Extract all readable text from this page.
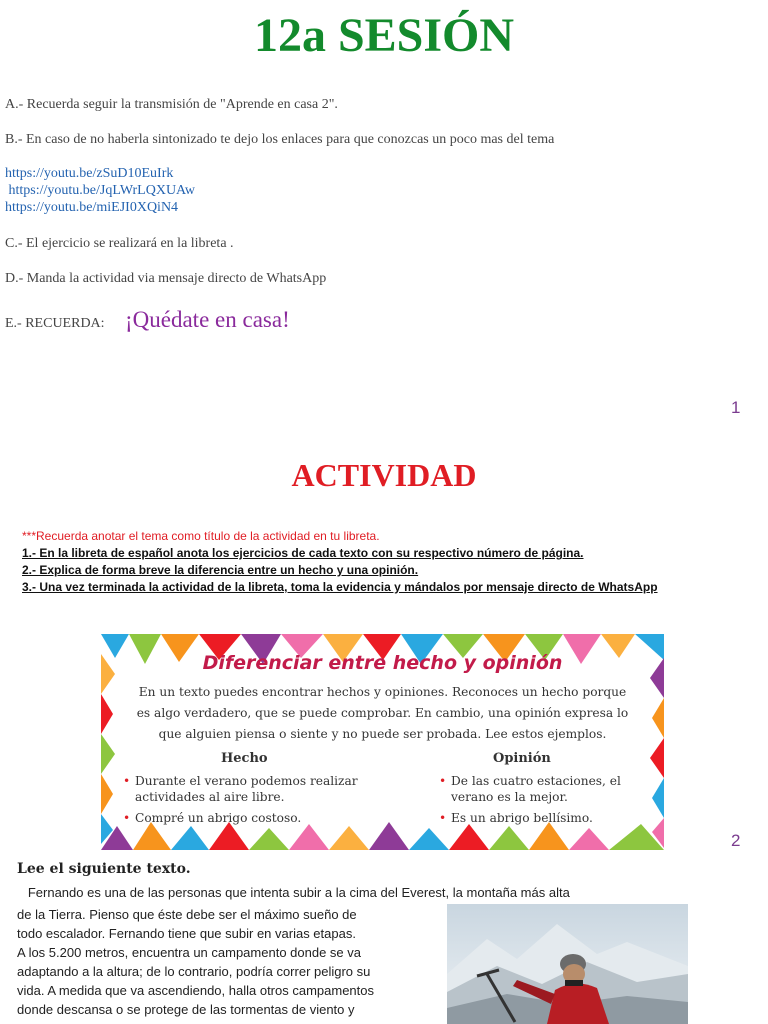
12a SESIÓN
A.- Recuerda seguir la transmisión de "Aprende en casa 2".
B.- En caso de no haberla sintonizado te dejo los enlaces para que conozcas un poco mas del tema
https://youtu.be/zSuD10EuIrk
https://youtu.be/JqLWrLQXUAw
https://youtu.be/miEJI0XQiN4
C.- El ejercicio se realizará en la libreta .
D.- Manda la actividad via mensaje directo de WhatsApp
E.- RECUERDA: ¡Quédate en casa!
1
ACTIVIDAD
***Recuerda anotar el tema como título de la actividad en tu libreta.
1.- En la libreta de español anota los ejercicios de cada texto con su respectivo número de página.
2.- Explica de forma breve la diferencia entre un hecho y una opinión.
3.- Una vez terminada la actividad de la libreta, toma la evidencia y mándalos por mensaje directo de WhatsApp
Diferenciar entre hecho y opinión
En un texto puedes encontrar hechos y opiniones. Reconoces un hecho porque
es algo verdadero, que se puede comprobar. En cambio, una opinión expresa lo
que alguien piensa o siente y no puede ser probada. Lee estos ejemplos.
Hecho	Opinión
• Durante el verano podemos realizar actividades al aire libre.
• Compré un abrigo costoso.
• De las cuatro estaciones, el verano es la mejor.
• Es un abrigo bellísimo.
2
Lee el siguiente texto.
Fernando es una de las personas que intenta subir a la cima del Everest, la montaña más alta
de la Tierra. Pienso que éste debe ser el máximo sueño de
todo escalador. Fernando tiene que subir en varias etapas.
A los 5.200 metros, encuentra un campamento donde se va
adaptando a la altura; de lo contrario, podría correr peligro su
vida. A medida que va ascendiendo, halla otros campamentos
donde descansa o se protege de las tormentas de viento y
